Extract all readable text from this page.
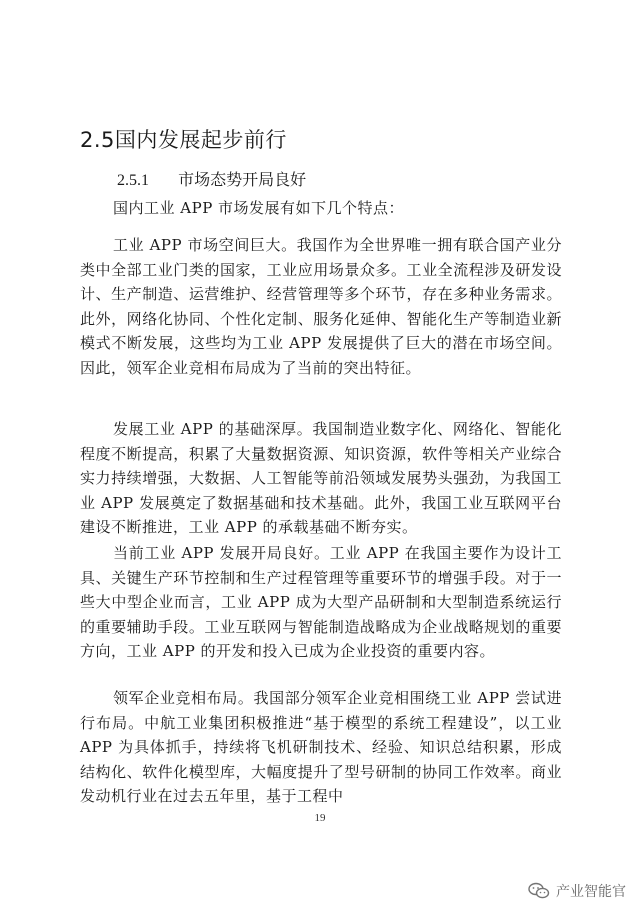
2.5国内发展起步前行
2.5.1 市场态势开局良好
国内工业 APP 市场发展有如下几个特点：
工业 APP 市场空间巨大。我国作为全世界唯一拥有联合国产业分类中全部工业门类的国家，工业应用场景众多。工业全流程涉及研发设计、生产制造、运营维护、经营管理等多个环节，存在多种业务需求。此外，网络化协同、个性化定制、服务化延伸、智能化生产等制造业新模式不断发展，这些均为工业 APP 发展提供了巨大的潜在市场空间。因此，领军企业竞相布局成为了当前的突出特征。
发展工业 APP 的基础深厚。我国制造业数字化、网络化、智能化程度不断提高，积累了大量数据资源、知识资源，软件等相关产业综合实力持续增强，大数据、人工智能等前沿领域发展势头强劲，为我国工业 APP 发展奠定了数据基础和技术基础。此外，我国工业互联网平台建设不断推进，工业 APP 的承载基础不断夯实。
当前工业 APP 发展开局良好。工业 APP 在我国主要作为设计工具、关键生产环节控制和生产过程管理等重要环节的增强手段。对于一些大中型企业而言，工业 APP 成为大型产品研制和大型制造系统运行的重要辅助手段。工业互联网与智能制造战略成为企业战略规划的重要方向，工业 APP 的开发和投入已成为企业投资的重要内容。
领军企业竞相布局。我国部分领军企业竞相围绕工业 APP 尝试进行布局。中航工业集团积极推进“基于模型的系统工程建设”，以工业 APP 为具体抓手，持续将飞机研制技术、经验、知识总结积累，形成结构化、软件化模型库，大幅度提升了型号研制的协同工作效率。商业发动机行业在过去五年里，基于工程中
19
产业智能官
